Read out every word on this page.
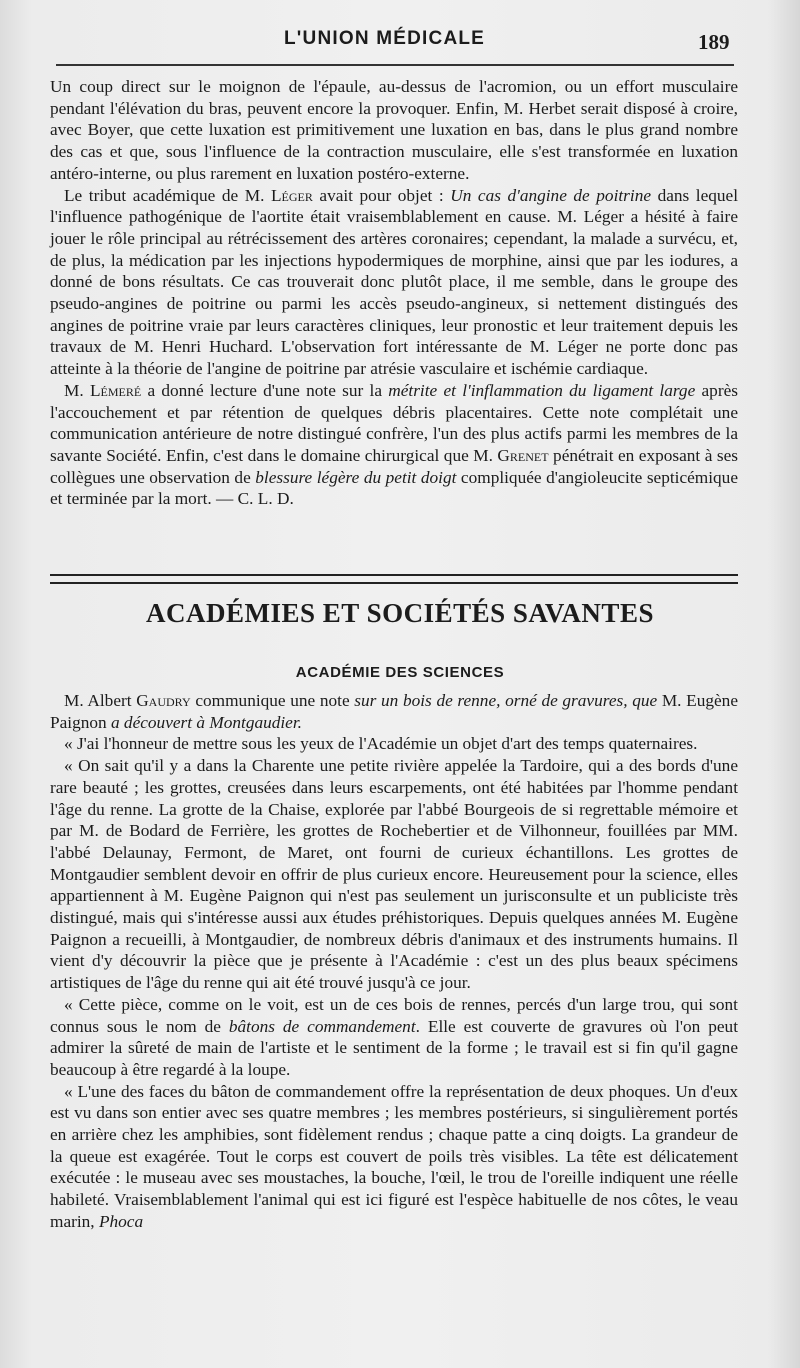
L'UNION MÉDICALE	189

Un coup direct sur le moignon de l'épaule, au-dessus de l'acromion, ou un effort musculaire pendant l'élévation du bras, peuvent encore la provoquer. Enfin, M. Herbet serait disposé à croire, avec Boyer, que cette luxation est primitivement une luxation en bas, dans le plus grand nombre des cas et que, sous l'influence de la contraction musculaire, elle s'est transformée en luxation antéro-interne, ou plus rarement en luxation postéro-externe.

Le tribut académique de M. Léger avait pour objet : Un cas d'angine de poitrine dans lequel l'influence pathogénique de l'aortite était vraisemblablement en cause. M. Léger a hésité à faire jouer le rôle principal au rétrécissement des artères coronaires; cependant, la malade a survécu, et, de plus, la médication par les injections hypodermiques de morphine, ainsi que par les iodures, a donné de bons résultats. Ce cas trouverait donc plutôt place, il me semble, dans le groupe des pseudo-angines de poitrine ou parmi les accès pseudo-angineux, si nettement distingués des angines de poitrine vraie par leurs caractères cliniques, leur pronostic et leur traitement depuis les travaux de M. Henri Huchard. L'observation fort intéressante de M. Léger ne porte donc pas atteinte à la théorie de l'angine de poitrine par atrésie vasculaire et ischémie cardiaque.

M. Lémeré a donné lecture d'une note sur la métrite et l'inflammation du ligament large après l'accouchement et par rétention de quelques débris placentaires. Cette note complétait une communication antérieure de notre distingué confrère, l'un des plus actifs parmi les membres de la savante Société. Enfin, c'est dans le domaine chirurgical que M. Grenet pénétrait en exposant à ses collègues une observation de blessure légère du petit doigt compliquée d'angioleucite septicémique et terminée par la mort. — C. L. D.

ACADÉMIES ET SOCIÉTÉS SAVANTES
ACADÉMIE DES SCIENCES

M. Albert Gaudry communique une note sur un bois de renne, orné de gravures, que M. Eugène Paignon a découvert à Montgaudier.

« J'ai l'honneur de mettre sous les yeux de l'Académie un objet d'art des temps quaternaires.

« On sait qu'il y a dans la Charente une petite rivière appelée la Tardoire, qui a des bords d'une rare beauté ; les grottes, creusées dans leurs escarpements, ont été habitées par l'homme pendant l'âge du renne. La grotte de la Chaise, explorée par l'abbé Bourgeois de si regrettable mémoire et par M. de Bodard de Ferrière, les grottes de Rochebertier et de Vilhonneur, fouillées par MM. l'abbé Delaunay, Fermont, de Maret, ont fourni de curieux échantillons. Les grottes de Montgaudier semblent devoir en offrir de plus curieux encore. Heureusement pour la science, elles appartiennent à M. Eugène Paignon qui n'est pas seulement un jurisconsulte et un publiciste très distingué, mais qui s'intéresse aussi aux études préhistoriques. Depuis quelques années M. Eugène Paignon a recueilli, à Montgaudier, de nombreux débris d'animaux et des instruments humains. Il vient d'y découvrir la pièce que je présente à l'Académie : c'est un des plus beaux spécimens artistiques de l'âge du renne qui ait été trouvé jusqu'à ce jour.

« Cette pièce, comme on le voit, est un de ces bois de rennes, percés d'un large trou, qui sont connus sous le nom de bâtons de commandement. Elle est couverte de gravures où l'on peut admirer la sûreté de main de l'artiste et le sentiment de la forme ; le travail est si fin qu'il gagne beaucoup à être regardé à la loupe.

« L'une des faces du bâton de commandement offre la représentation de deux phoques. Un d'eux est vu dans son entier avec ses quatre membres ; les membres postérieurs, si singulièrement portés en arrière chez les amphibies, sont fidèlement rendus ; chaque patte a cinq doigts. La grandeur de la queue est exagérée. Tout le corps est couvert de poils très visibles. La tête est délicatement exécutée : le museau avec ses moustaches, la bouche, l'œil, le trou de l'oreille indiquent une réelle habileté. Vraisemblablement l'animal qui est ici figuré est l'espèce habituelle de nos côtes, le veau marin, Phoca
